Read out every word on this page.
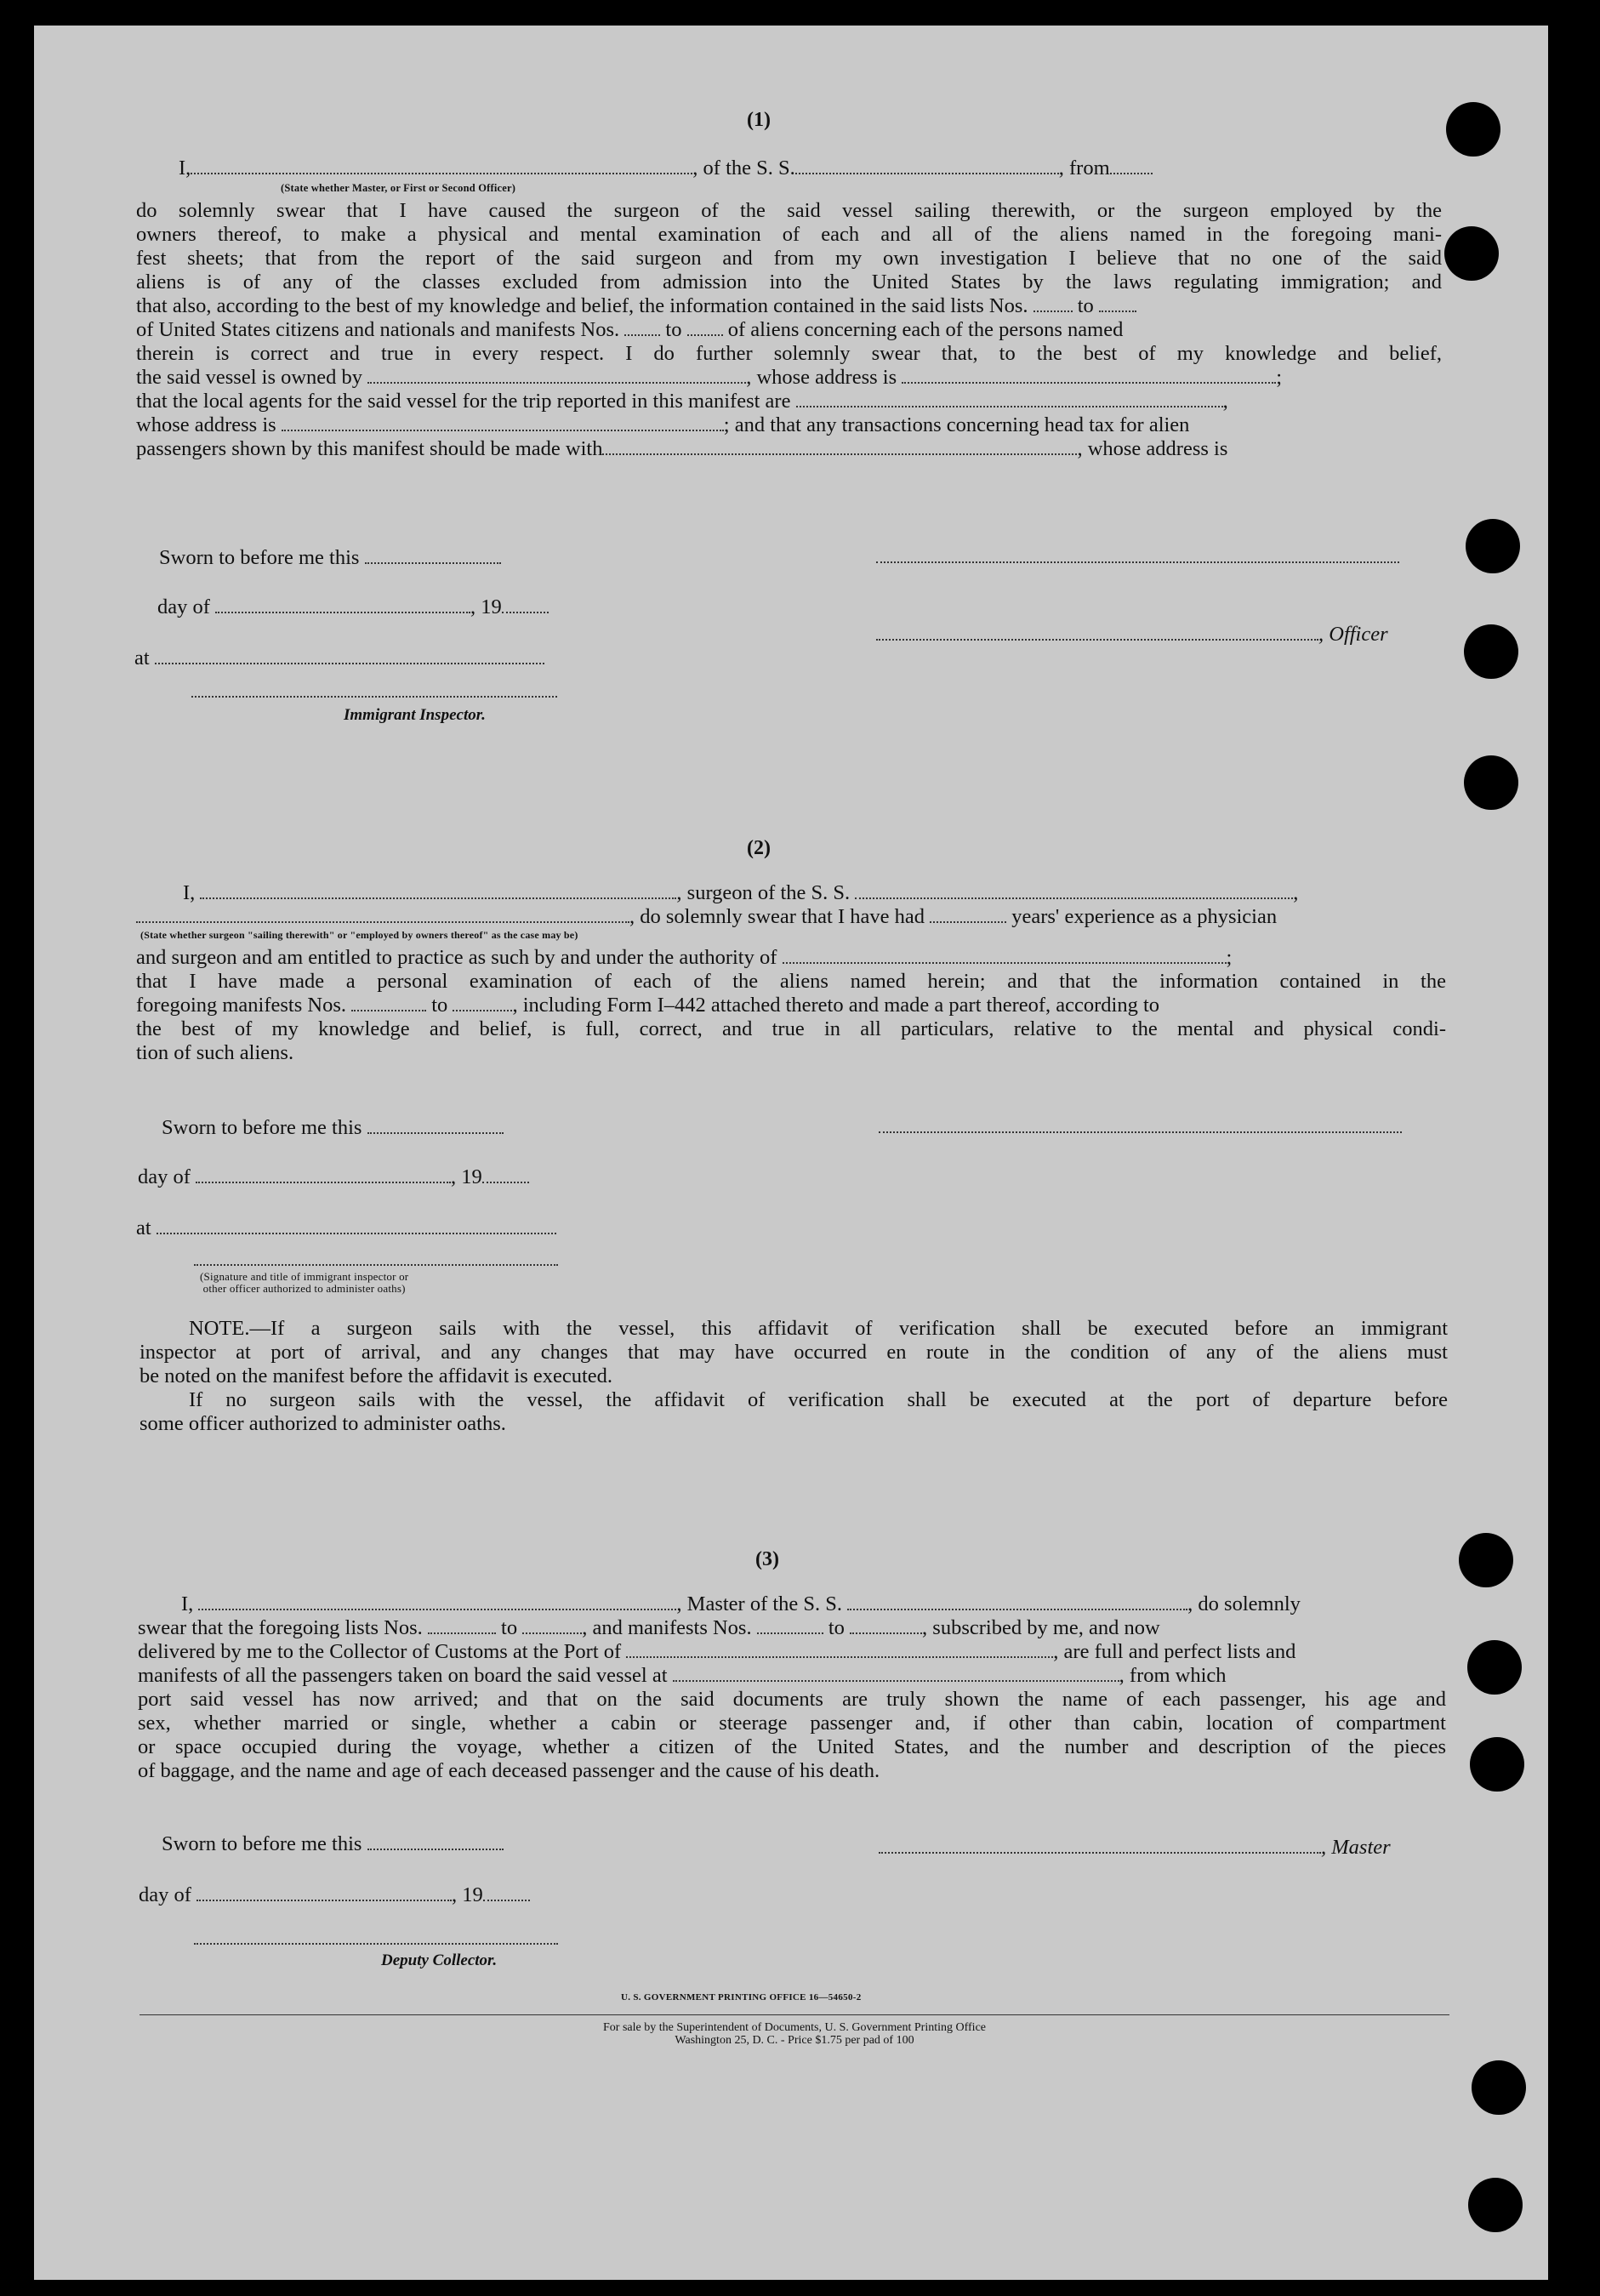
(1)
I,	, of the S. S.	, from
(State whether Master, or First or Second Officer)
do solemnly swear that I have caused the surgeon of the said vessel sailing therewith, or the surgeon employed by the
owners thereof, to make a physical and mental examination of each and all of the aliens named in the foregoing mani-
fest sheets; that from the report of the said surgeon and from my own investigation I believe that no one of the said
aliens is of any of the classes excluded from admission into the United States by the laws regulating immigration; and
that also, according to the best of my knowledge and belief, the information contained in the said lists Nos. to
of United States citizens and nationals and manifests Nos. to of aliens concerning each of the persons named
therein is correct and true in every respect. I do further solemnly swear that, to the best of my knowledge and belief,
the said vessel is owned by	, whose address is	;
that the local agents for the said vessel for the trip reported in this manifest are	,
whose address is	; and that any transactions concerning head tax for alien
passengers shown by this manifest should be made with	, whose address is
Sworn to before me this
day of	, 19
, Officer
at
Immigrant Inspector.
(2)
I,	, surgeon of the S. S.	,
, do solemnly swear that I have had	years' experience as a physician
(State whether surgeon "sailing therewith" or "employed by owners thereof" as the case may be)
and surgeon and am entitled to practice as such by and under the authority of	;
that I have made a personal examination of each of the aliens named herein; and that the information contained in the
foregoing manifests Nos.	to	, including Form I–442 attached thereto and made a part thereof, according to
the best of my knowledge and belief, is full, correct, and true in all particulars, relative to the mental and physical condi-
tion of such aliens.
Sworn to before me this
day of	, 19
at
(Signature and title of immigrant inspector or
other officer authorized to administer oaths)
NOTE.—If a surgeon sails with the vessel, this affidavit of verification shall be executed before an immigrant
inspector at port of arrival, and any changes that may have occurred en route in the condition of any of the aliens must
be noted on the manifest before the affidavit is executed.
If no surgeon sails with the vessel, the affidavit of verification shall be executed at the port of departure before
some officer authorized to administer oaths.
(3)
I,	, Master of the S. S.	, do solemnly
swear that the foregoing lists Nos.	to	, and manifests Nos.	to	, subscribed by me, and now
delivered by me to the Collector of Customs at the Port of	, are full and perfect lists and
manifests of all the passengers taken on board the said vessel at	, from which
port said vessel has now arrived; and that on the said documents are truly shown the name of each passenger, his age and
sex, whether married or single, whether a cabin or steerage passenger and, if other than cabin, location of compartment
or space occupied during the voyage, whether a citizen of the United States, and the number and description of the pieces
of baggage, and the name and age of each deceased passenger and the cause of his death.
Sworn to before me this	, Master
day of	, 19
Deputy Collector.
U. S. GOVERNMENT PRINTING OFFICE 16—54650-2
For sale by the Superintendent of Documents, U. S. Government Printing Office
Washington 25, D. C. - Price $1.75 per pad of 100
